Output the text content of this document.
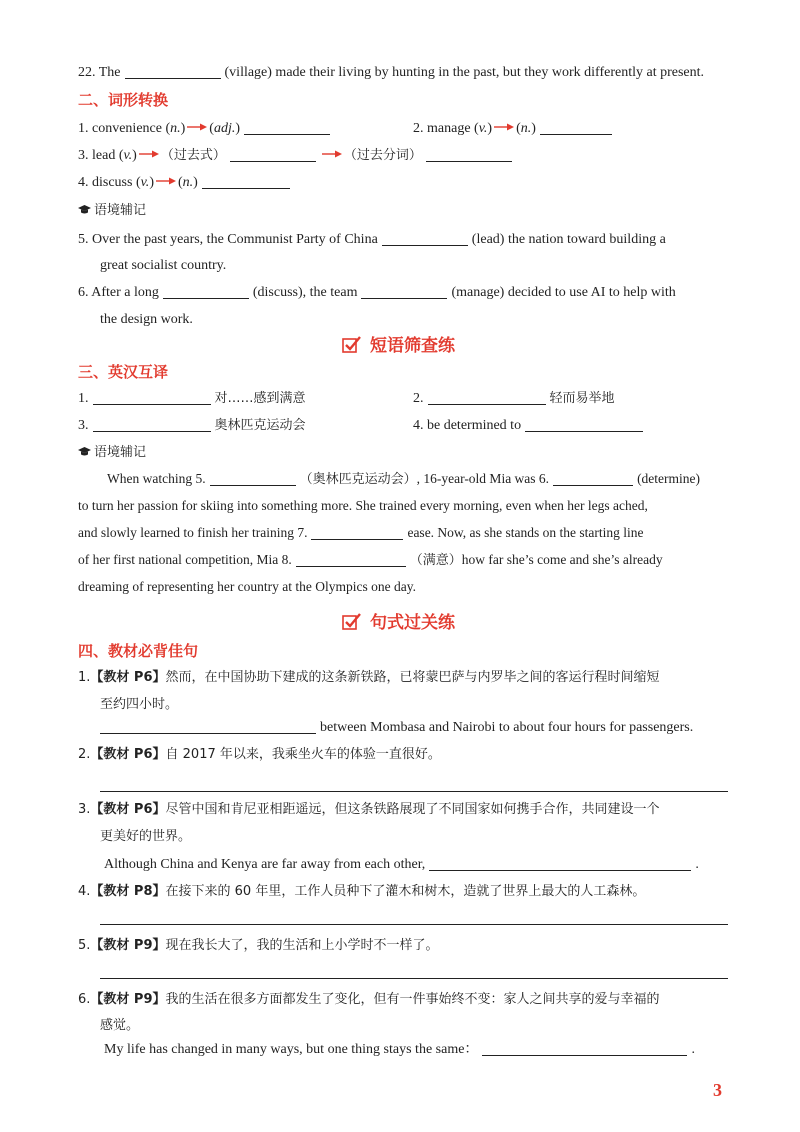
22. The	(village) made their living by hunting in the past, but they work differently at present.
二、词形转换
1. convenience (n.) (adj.)	2. manage (v.) (n.)
3. lead (v.) （过去式）	（过去分词）
4. discuss (v.) (n.)
语境辅记
5. Over the past years, the Communist Party of China	(lead) the nation toward building a
great socialist country.
6. After a long	(discuss), the team	(manage) decided to use AI to help with
the design work.
短语筛查练
三、英汉互译
1.	对……感到满意	2.	轻而易举地
3.	奥林匹克运动会	4. be determined to
语境辅记
When watching 5.	（奥林匹克运动会）, 16-year-old Mia was 6.	(determine)
to turn her passion for skiing into something more. She trained every morning, even when her legs ached,
and slowly learned to finish her training 7.	ease. Now, as she stands on the starting line
of her first national competition, Mia 8.	（满意）how far she’s come and she’s already
dreaming of representing her country at the Olympics one day.
句式过关练
四、教材必背佳句
1.【教材 P6】然而，在中国协助下建成的这条新铁路，已将蒙巴萨与内罗毕之间的客运行程时间缩短
至约四小时。
between Mombasa and Nairobi to about four hours for passengers.
2.【教材 P6】自 2017 年以来，我乘坐火车的体验一直很好。
3.【教材 P6】尽管中国和肯尼亚相距遥远，但这条铁路展现了不同国家如何携手合作，共同建设一个
更美好的世界。
Although China and Kenya are far away from each other,	.
4.【教材 P8】在接下来的 60 年里，工作人员种下了灌木和树木，造就了世界上最大的人工森林。
5.【教材 P9】现在我长大了，我的生活和上小学时不一样了。
6.【教材 P9】我的生活在很多方面都发生了变化，但有一件事始终不变：家人之间共享的爱与幸福的
感觉。
My life has changed in many ways, but one thing stays the same：	.
3
